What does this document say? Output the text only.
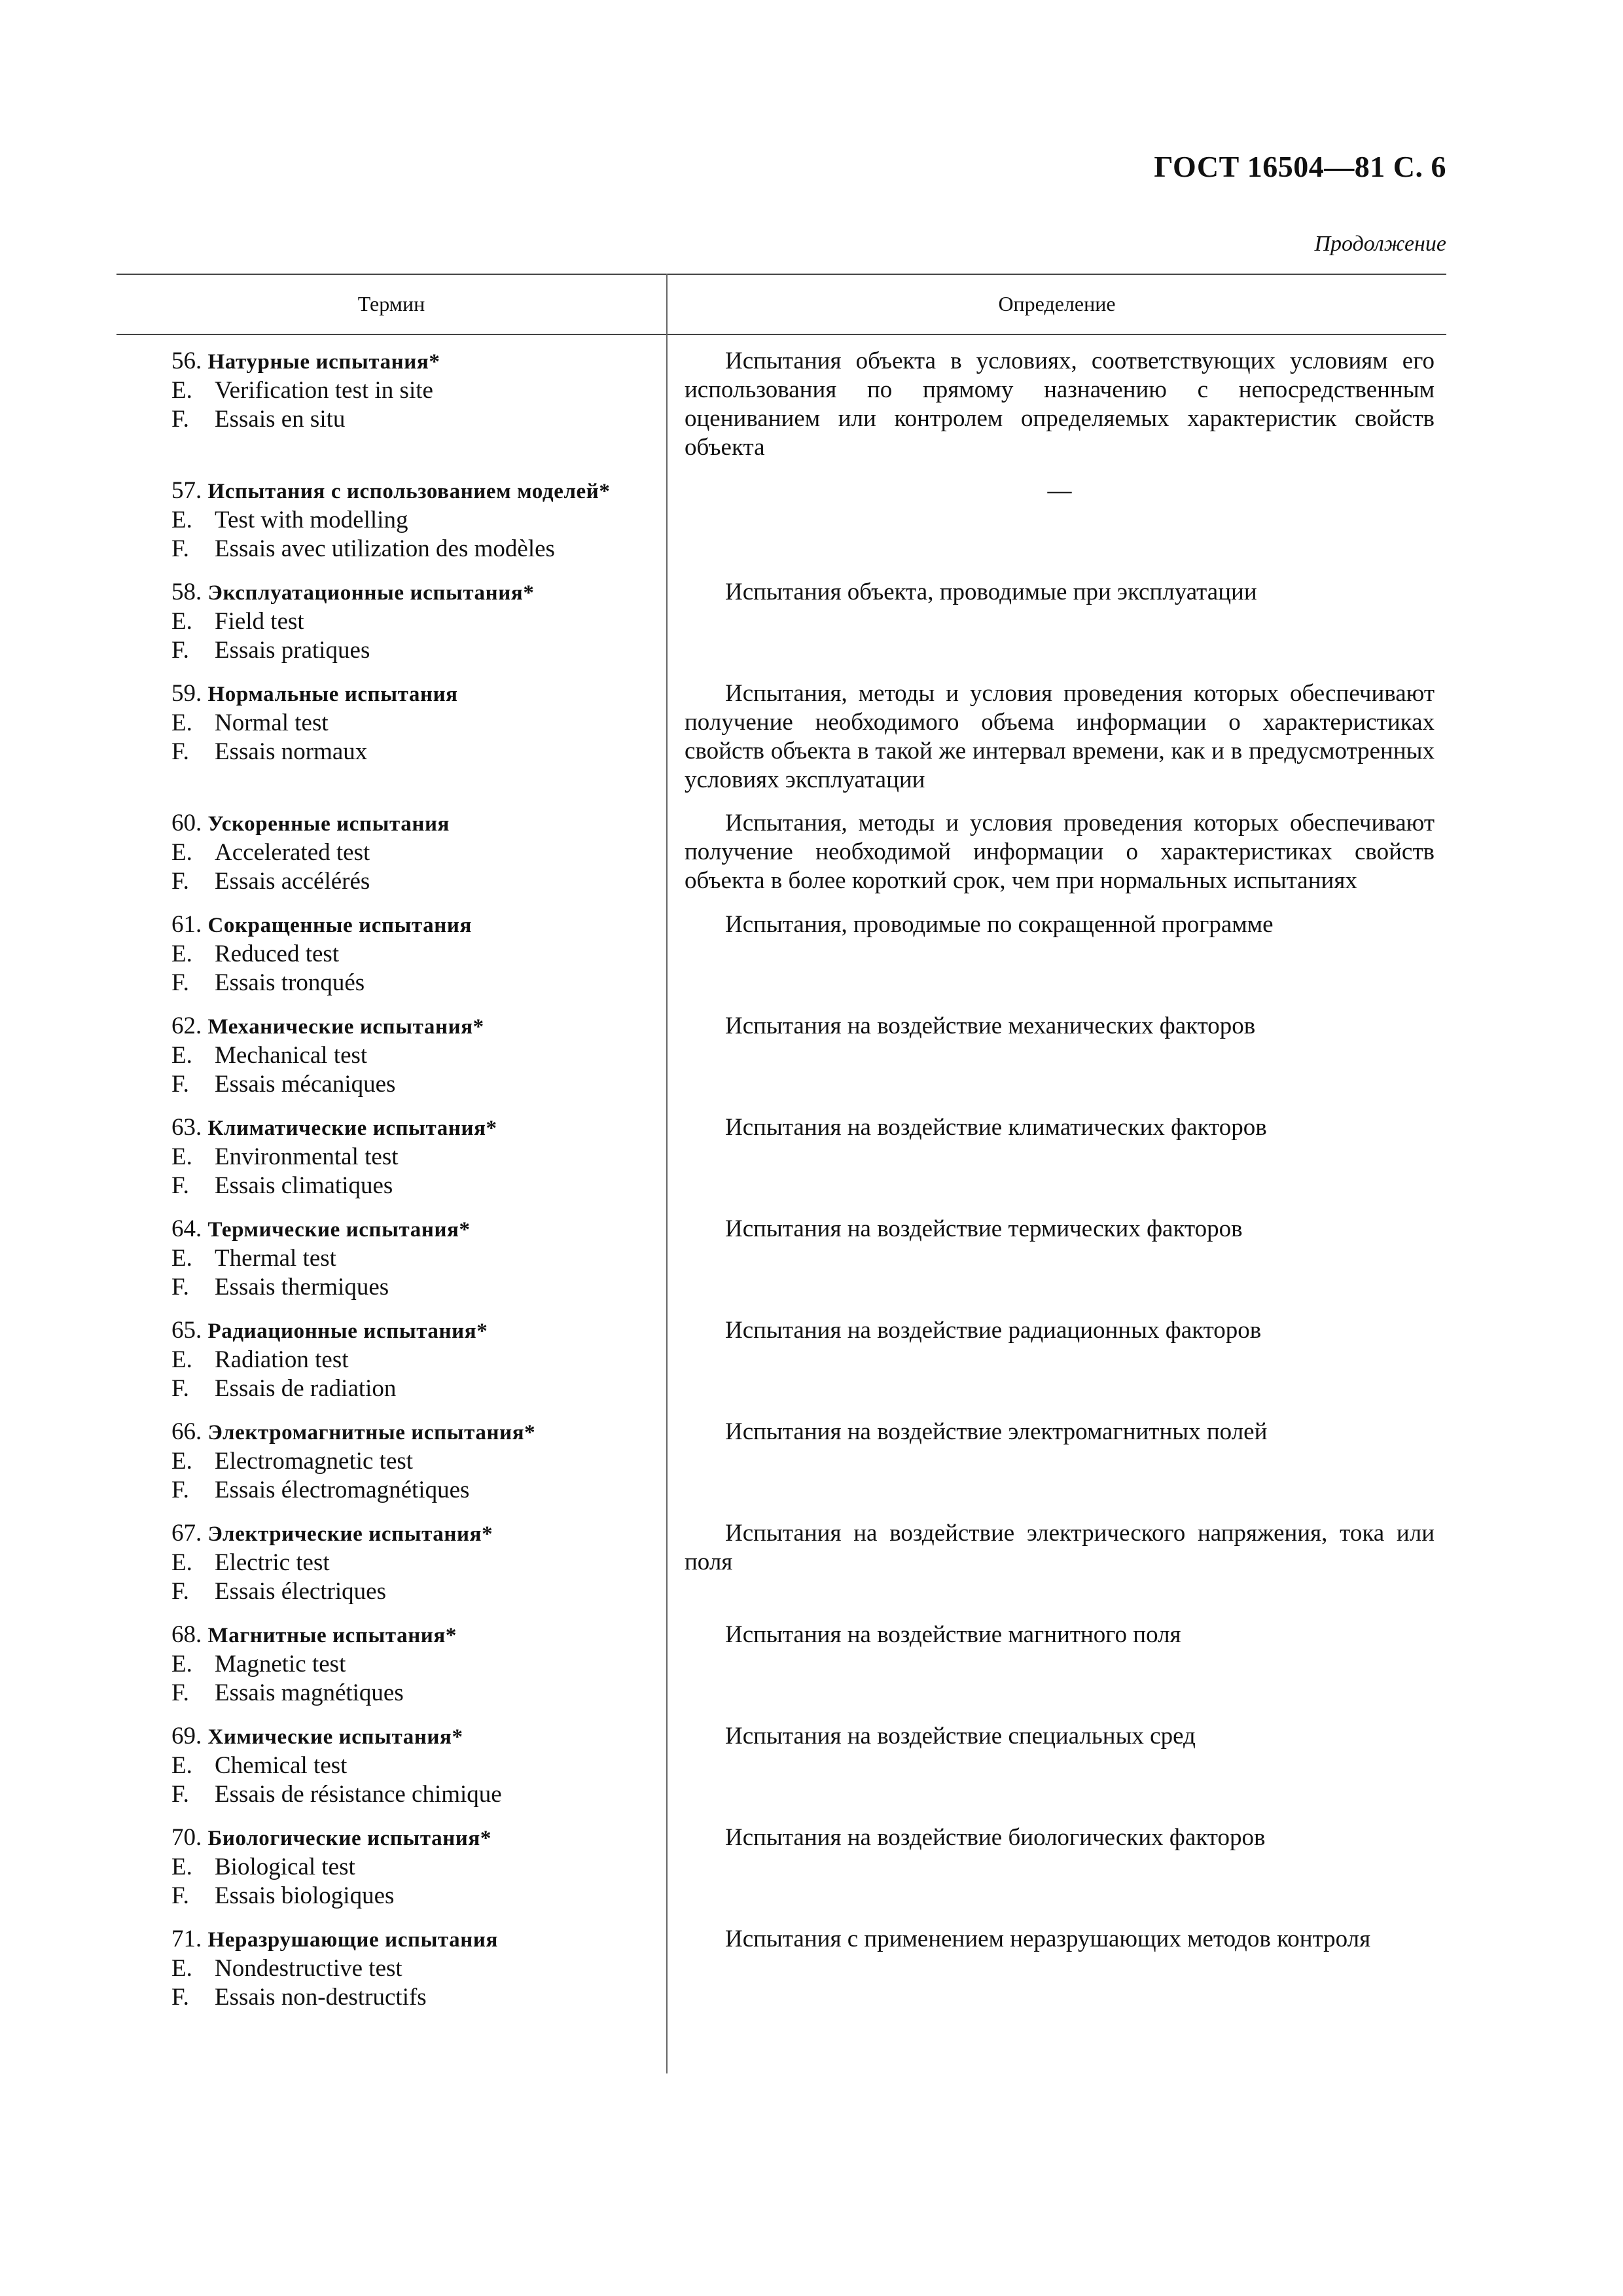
ГОСТ 16504—81 С. 6
Продолжение
Термин	Определение
56. Натурные испытания*
E. Verification test in site
F. Essais en situ
Испытания объекта в условиях, соответствующих условиям его использования по прямому назначению с непосредственным оцениванием или контролем определяемых характеристик свойств объекта
57. Испытания с использованием моделей*
E. Test with modelling
F. Essais avec utilization des modèles
—
58. Эксплуатационные испытания*
E. Field test
F. Essais pratiques
Испытания объекта, проводимые при эксплуатации
59. Нормальные испытания
E. Normal test
F. Essais normaux
Испытания, методы и условия проведения которых обеспечивают получение необходимого объема информации о характеристиках свойств объекта в такой же интервал времени, как и в предусмотренных условиях эксплуатации
60. Ускоренные испытания
E. Accelerated test
F. Essais accélérés
Испытания, методы и условия проведения которых обеспечивают получение необходимой информации о характеристиках свойств объекта в более короткий срок, чем при нормальных испытаниях
61. Сокращенные испытания
E. Reduced test
F. Essais tronqués
Испытания, проводимые по сокращенной программе
62. Механические испытания*
E. Mechanical test
F. Essais mécaniques
Испытания на воздействие механических факторов
63. Климатические испытания*
E. Environmental test
F. Essais climatiques
Испытания на воздействие климатических факторов
64. Термические испытания*
E. Thermal test
F. Essais thermiques
Испытания на воздействие термических факторов
65. Радиационные испытания*
E. Radiation test
F. Essais de radiation
Испытания на воздействие радиационных факторов
66. Электромагнитные испытания*
E. Electromagnetic test
F. Essais électromagnétiques
Испытания на воздействие электромагнитных полей
67. Электрические испытания*
E. Electric test
F. Essais électriques
Испытания на воздействие электрического напряжения, тока или поля
68. Магнитные испытания*
E. Magnetic test
F. Essais magnétiques
Испытания на воздействие магнитного поля
69. Химические испытания*
E. Chemical test
F. Essais de résistance chimique
Испытания на воздействие специальных сред
70. Биологические испытания*
E. Biological test
F. Essais biologiques
Испытания на воздействие биологических факторов
71. Неразрушающие испытания
E. Nondestructive test
F. Essais non-destructifs
Испытания с применением неразрушающих методов контроля
